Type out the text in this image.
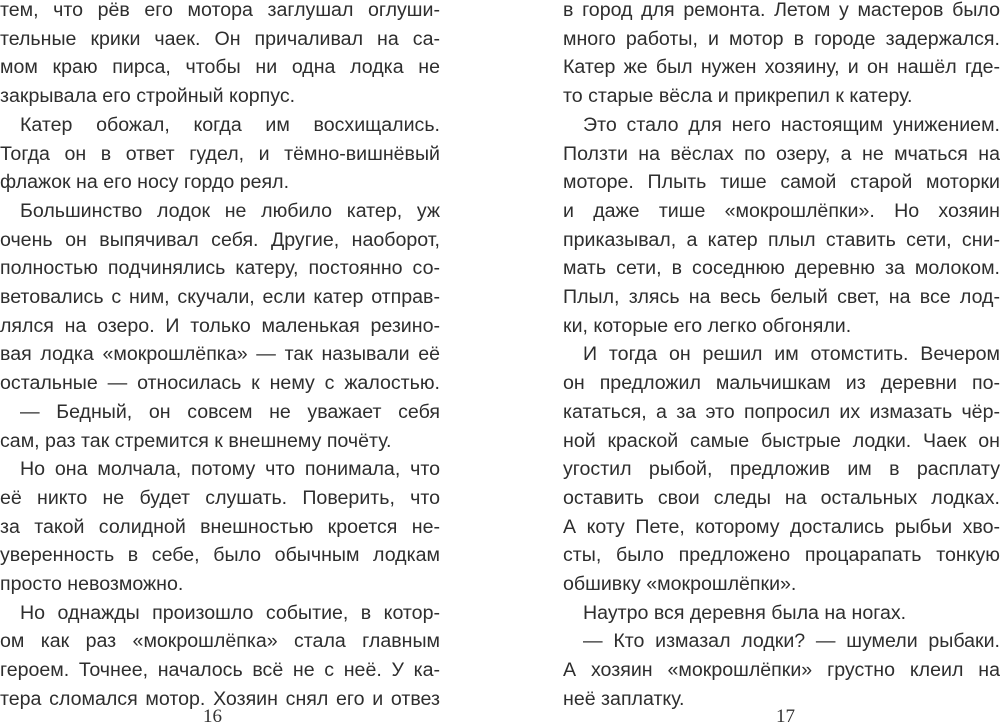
тем, что рёв его мотора заглушал оглуши-
тельные крики чаек. Он причаливал на са-
мом краю пирса, чтобы ни одна лодка не
закрывала его стройный корпус.
Катер обожал, когда им восхищались.
Тогда он в ответ гудел, и тёмно-вишнёвый
флажок на его носу гордо реял.
Большинство лодок не любило катер, уж
очень он выпячивал себя. Другие, наоборот,
полностью подчинялись катеру, постоянно со-
ветовались с ним, скучали, если катер отправ-
лялся на озеро. И только маленькая резино-
вая лодка «мокрошлёпка» — так называли её
остальные — относилась к нему с жалостью.
— Бедный, он совсем не уважает себя
сам, раз так стремится к внешнему почёту.
Но она молчала, потому что понимала, что
её никто не будет слушать. Поверить, что
за такой солидной внешностью кроется не-
уверенность в себе, было обычным лодкам
просто невозможно.
Но однажды произошло событие, в котор-
ом как раз «мокрошлёпка» стала главным
героем. Точнее, началось всё не с неё. У ка-
тера сломался мотор. Хозяин снял его и отвез
16
в город для ремонта. Летом у мастеров было
много работы, и мотор в городе задержался.
Катер же был нужен хозяину, и он нашёл где-
то старые вёсла и прикрепил к катеру.
Это стало для него настоящим унижением.
Ползти на вёслах по озеру, а не мчаться на
моторе. Плыть тише самой старой моторки
и даже тише «мокрошлёпки». Но хозяин
приказывал, а катер плыл ставить сети, сни-
мать сети, в соседнюю деревню за молоком.
Плыл, злясь на весь белый свет, на все лод-
ки, которые его легко обгоняли.
И тогда он решил им отомстить. Вечером
он предложил мальчишкам из деревни по-
кататься, а за это попросил их измазать чёр-
ной краской самые быстрые лодки. Чаек он
угостил рыбой, предложив им в расплату
оставить свои следы на остальных лодках.
А коту Пете, которому достались рыбьи хво-
сты, было предложено процарапать тонкую
обшивку «мокрошлёпки».
Наутро вся деревня была на ногах.
— Кто измазал лодки? — шумели рыбаки.
А хозяин «мокрошлёпки» грустно клеил на
неё заплатку.
17
